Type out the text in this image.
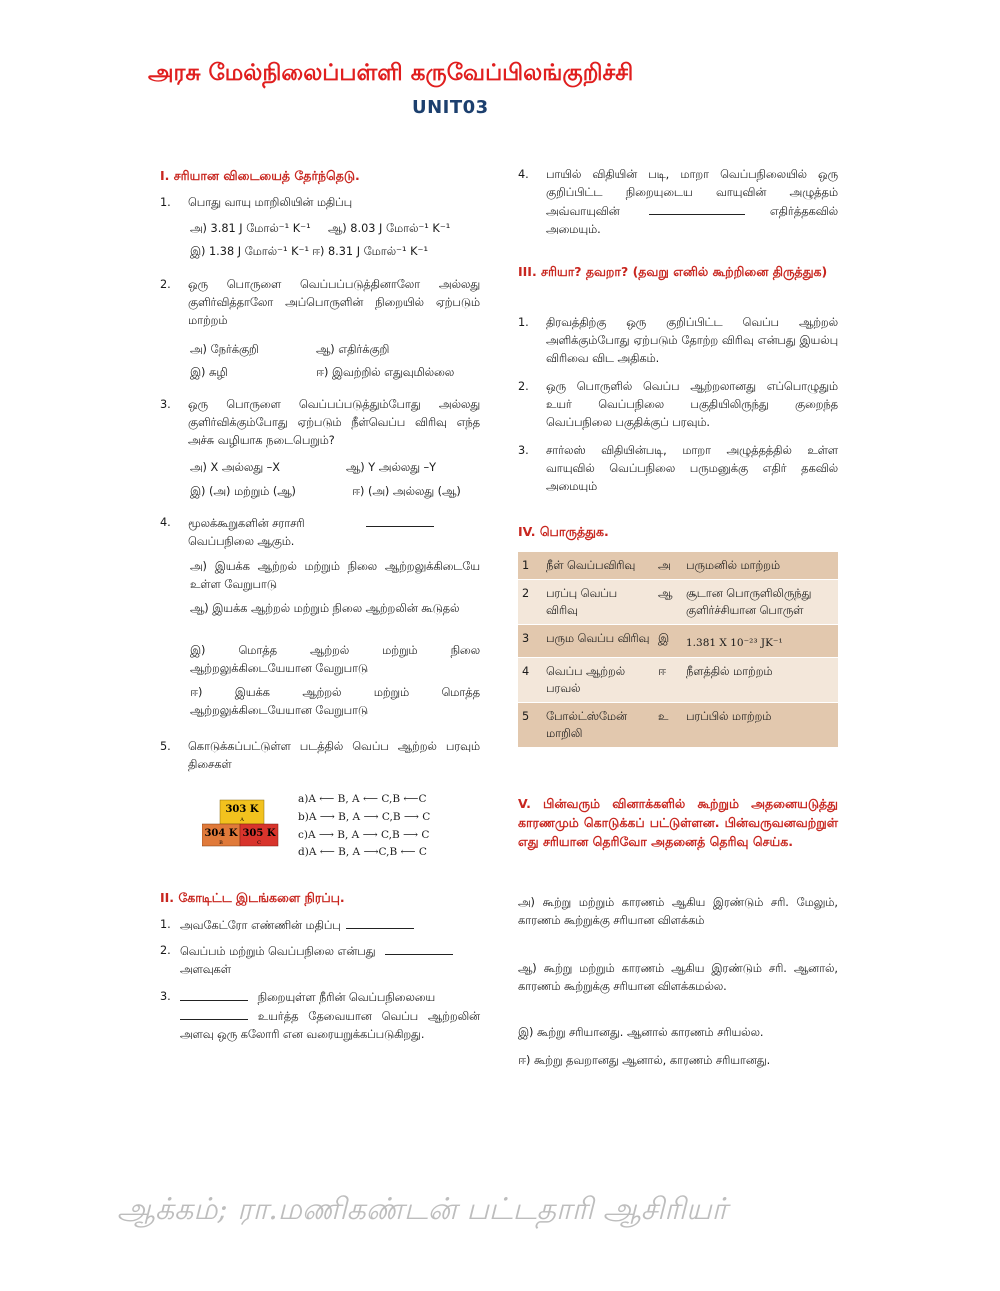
அரசு மேல்நிலைப்பள்ளி கருவேப்பிலங்குறிச்சி
UNIT03
I. சரியான விடையைத் தேர்ந்தெடு.
1. பொது வாயு மாறிலியின் மதிப்பு
அ) 3.81 J மோல்⁻¹ K⁻¹ ஆ) 8.03 J மோல்⁻¹ K⁻¹
இ) 1.38 J மோல்⁻¹ K⁻¹ ஈ) 8.31 J மோல்⁻¹ K⁻¹
2. ஒரு பொருளை வெப்பப்படுத்தினாலோ அல்லது குளிர்வித்தாலோ அப்பொருளின் நிறையில் ஏற்படும் மாற்றம்
அ) நேர்க்குறி	ஆ) எதிர்க்குறி
இ) சுழி	ஈ) இவற்றில் எதுவுமில்லை
3. ஒரு பொருளை வெப்பப்படுத்தும்போது அல்லது குளிர்விக்கும்போது ஏற்படும் நீள்வெப்ப விரிவு எந்த அச்சு வழியாக நடைபெறும்?
அ) X அல்லது –X	ஆ) Y அல்லது –Y
இ) (அ) மற்றும் (ஆ)	ஈ) (அ) அல்லது (ஆ)
4. மூலக்கூறுகளின் சராசரி
வெப்பநிலை ஆகும்.
அ) இயக்க ஆற்றல் மற்றும் நிலை ஆற்றலுக்கிடையே உள்ள வேறுபாடு
ஆ) இயக்க ஆற்றல் மற்றும் நிலை ஆற்றலின் கூடுதல்
இ) மொத்த ஆற்றல் மற்றும் நிலை ஆற்றலுக்கிடையேயான வேறுபாடு
ஈ) இயக்க ஆற்றல் மற்றும் மொத்த ஆற்றலுக்கிடையேயான வேறுபாடு
5. கொடுக்கப்பட்டுள்ள படத்தில் வெப்ப ஆற்றல் பரவும் திசைகள்
303 K
A
304 K
B
305 K
C
a)A ⟵ B, A ⟵ C,B ⟵C
b)A ⟶ B, A ⟶ C,B ⟶ C
c)A ⟶ B, A ⟶ C,B ⟶ C
d)A ⟵ B, A ⟶C,B ⟵ C
II. கோடிட்ட இடங்களை நிரப்பு.
1. அவகேட்ரோ எண்ணின் மதிப்பு
2. வெப்பம் மற்றும் வெப்பநிலை என்பது
அளவுகள்
3.	நிறையுள்ள நீரின் வெப்பநிலையை
உயர்த்த தேவையான வெப்ப ஆற்றலின் அளவு ஒரு கலோரி என வரையறுக்கப்படுகிறது.
4. பாயில் விதியின் படி, மாறா வெப்பநிலையில் ஒரு குறிப்பிட்ட நிறையுடைய வாயுவின் அழுத்தம் அவ்வாயுவின்	எதிர்த்தகவில் அமையும்.
III. சரியா? தவறா? (தவறு எனில் கூற்றினை திருத்துக)
1. திரவத்திற்கு ஒரு குறிப்பிட்ட வெப்ப ஆற்றல் அளிக்கும்போது ஏற்படும் தோற்ற விரிவு என்பது இயல்பு விரிவை விட அதிகம்.
2. ஒரு பொருளில் வெப்ப ஆற்றலானது எப்பொழுதும் உயர் வெப்பநிலை பகுதியிலிருந்து குறைந்த வெப்பநிலை பகுதிக்குப் பரவும்.
3. சார்லஸ் விதியின்படி, மாறா அழுத்தத்தில் உள்ள வாயுவில் வெப்பநிலை பருமனுக்கு எதிர் தகவில் அமையும்
IV. பொருத்துக.
1	நீள் வெப்பவிரிவு	அ	பருமனில் மாற்றம்
2	பரப்பு வெப்ப விரிவு	ஆ	சூடான பொருளிலிருந்து குளிர்ச்சியான பொருள்
3	பரும வெப்ப விரிவு	இ	1.381 X 10⁻²³ JK⁻¹
4	வெப்ப ஆற்றல் பரவல்	ஈ	நீளத்தில் மாற்றம்
5	போல்ட்ஸ்மேன் மாறிலி	உ	பரப்பில் மாற்றம்
V. பின்வரும் வினாக்களில் கூற்றும் அதனையடுத்து காரணமும் கொடுக்கப் பட்டுள்ளன. பின்வருவனவற்றுள் எது சரியான தெரிவோ அதனைத் தெரிவு செய்க.
அ) கூற்று மற்றும் காரணம் ஆகிய இரண்டும் சரி. மேலும், காரணம் கூற்றுக்கு சரியான விளக்கம்
ஆ) கூற்று மற்றும் காரணம் ஆகிய இரண்டும் சரி. ஆனால், காரணம் கூற்றுக்கு சரியான விளக்கமல்ல.
இ) கூற்று சரியானது. ஆனால் காரணம் சரியல்ல.
ஈ) கூற்று தவறானது ஆனால், காரணம் சரியானது.
ஆக்கம்; ரா.மணிகண்டன் பட்டதாரி ஆசிரியர்
